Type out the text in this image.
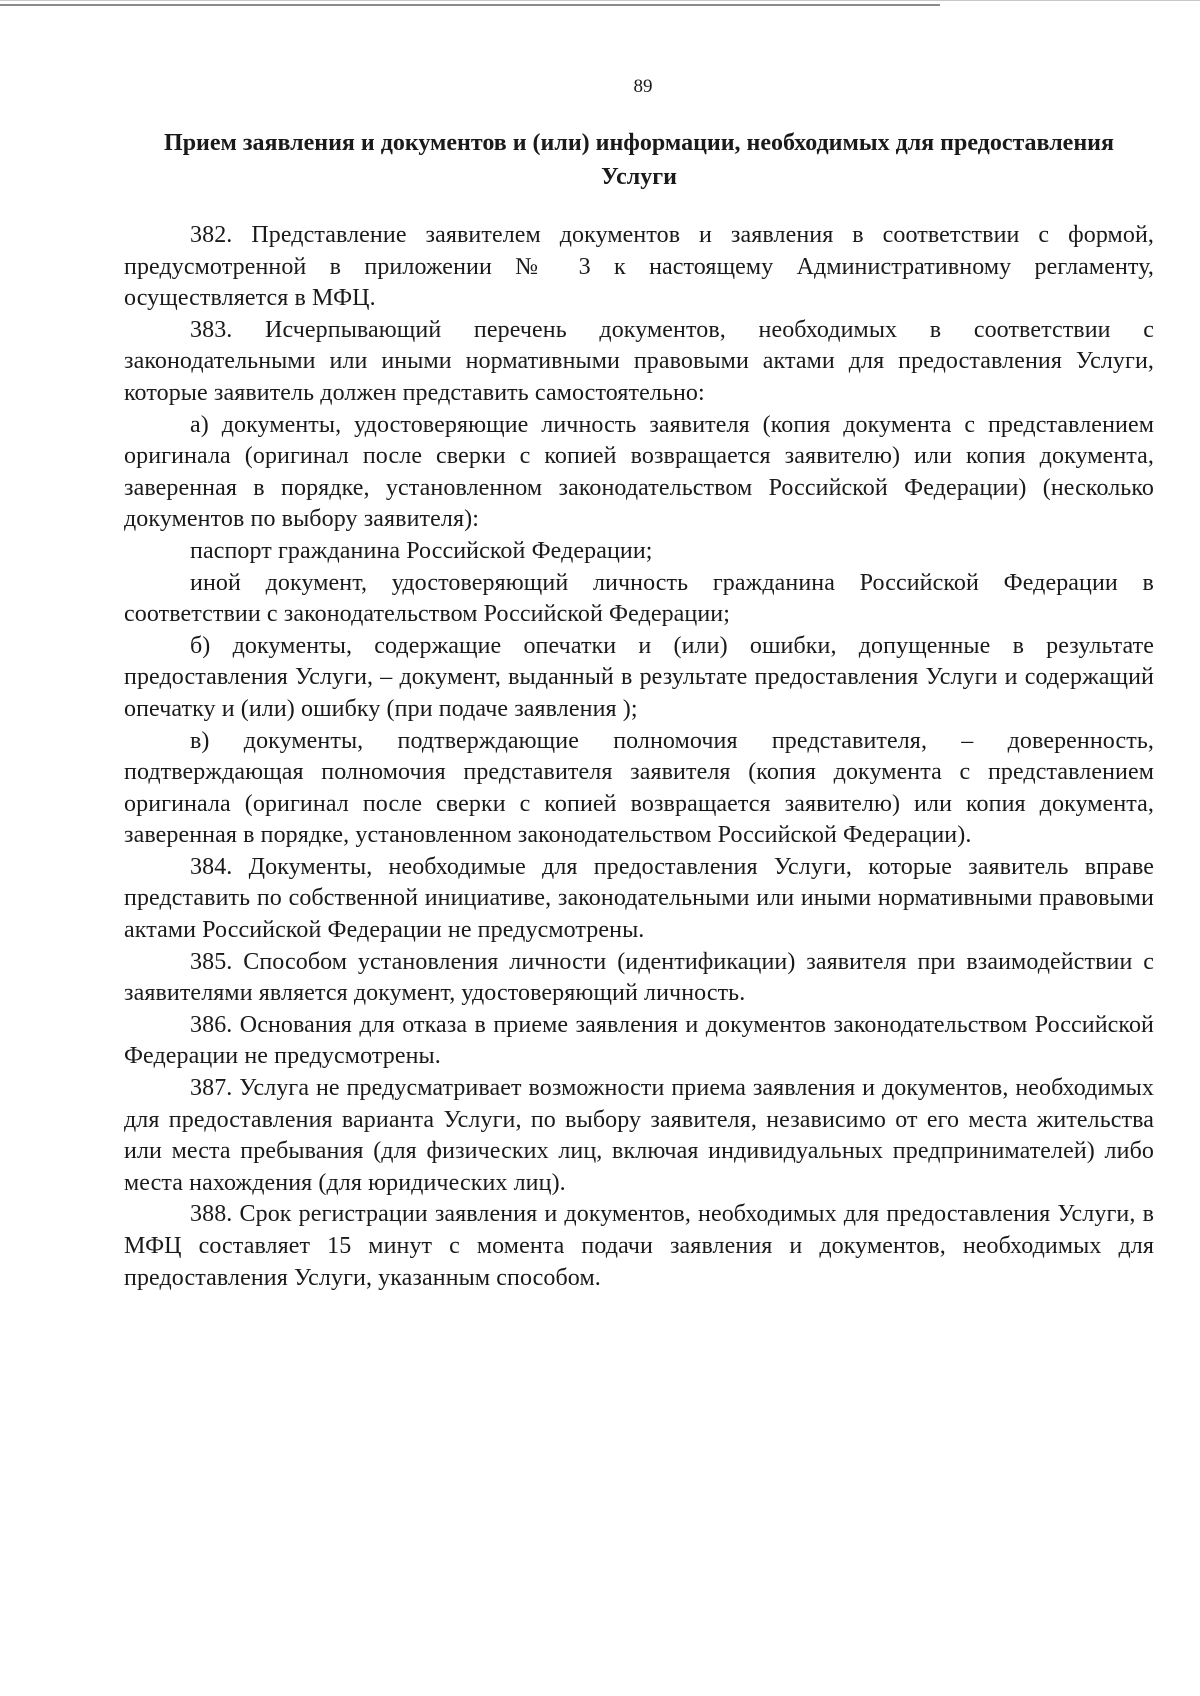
89
Прием заявления и документов и (или) информации, необходимых для предоставления Услуги

382. Представление заявителем документов и заявления в соответствии с формой, предусмотренной в приложении № 3 к настоящему Административному регламенту, осуществляется в МФЦ.

383. Исчерпывающий перечень документов, необходимых в соответствии с законодательными или иными нормативными правовыми актами для предоставления Услуги, которые заявитель должен представить самостоятельно:

а) документы, удостоверяющие личность заявителя (копия документа с представлением оригинала (оригинал после сверки с копией возвращается заявителю) или копия документа, заверенная в порядке, установленном законодательством Российской Федерации) (несколько документов по выбору заявителя):

паспорт гражданина Российской Федерации;

иной документ, удостоверяющий личность гражданина Российской Федерации в соответствии с законодательством Российской Федерации;

б) документы, содержащие опечатки и (или) ошибки, допущенные в результате предоставления Услуги, – документ, выданный в результате предоставления Услуги и содержащий опечатку и (или) ошибку (при подаче заявления );

в) документы, подтверждающие полномочия представителя, – доверенность, подтверждающая полномочия представителя заявителя (копия документа с представлением оригинала (оригинал после сверки с копией возвращается заявителю) или копия документа, заверенная в порядке, установленном законодательством Российской Федерации).

384. Документы, необходимые для предоставления Услуги, которые заявитель вправе представить по собственной инициативе, законодательными или иными нормативными правовыми актами Российской Федерации не предусмотрены.

385. Способом установления личности (идентификации) заявителя при взаимодействии с заявителями является документ, удостоверяющий личность.

386. Основания для отказа в приеме заявления и документов законодательством Российской Федерации не предусмотрены.

387. Услуга не предусматривает возможности приема заявления и документов, необходимых для предоставления варианта Услуги, по выбору заявителя, независимо от его места жительства или места пребывания (для физических лиц, включая индивидуальных предпринимателей) либо места нахождения (для юридических лиц).

388. Срок регистрации заявления и документов, необходимых для предоставления Услуги, в МФЦ составляет 15 минут с момента подачи заявления и документов, необходимых для предоставления Услуги, указанным способом.
